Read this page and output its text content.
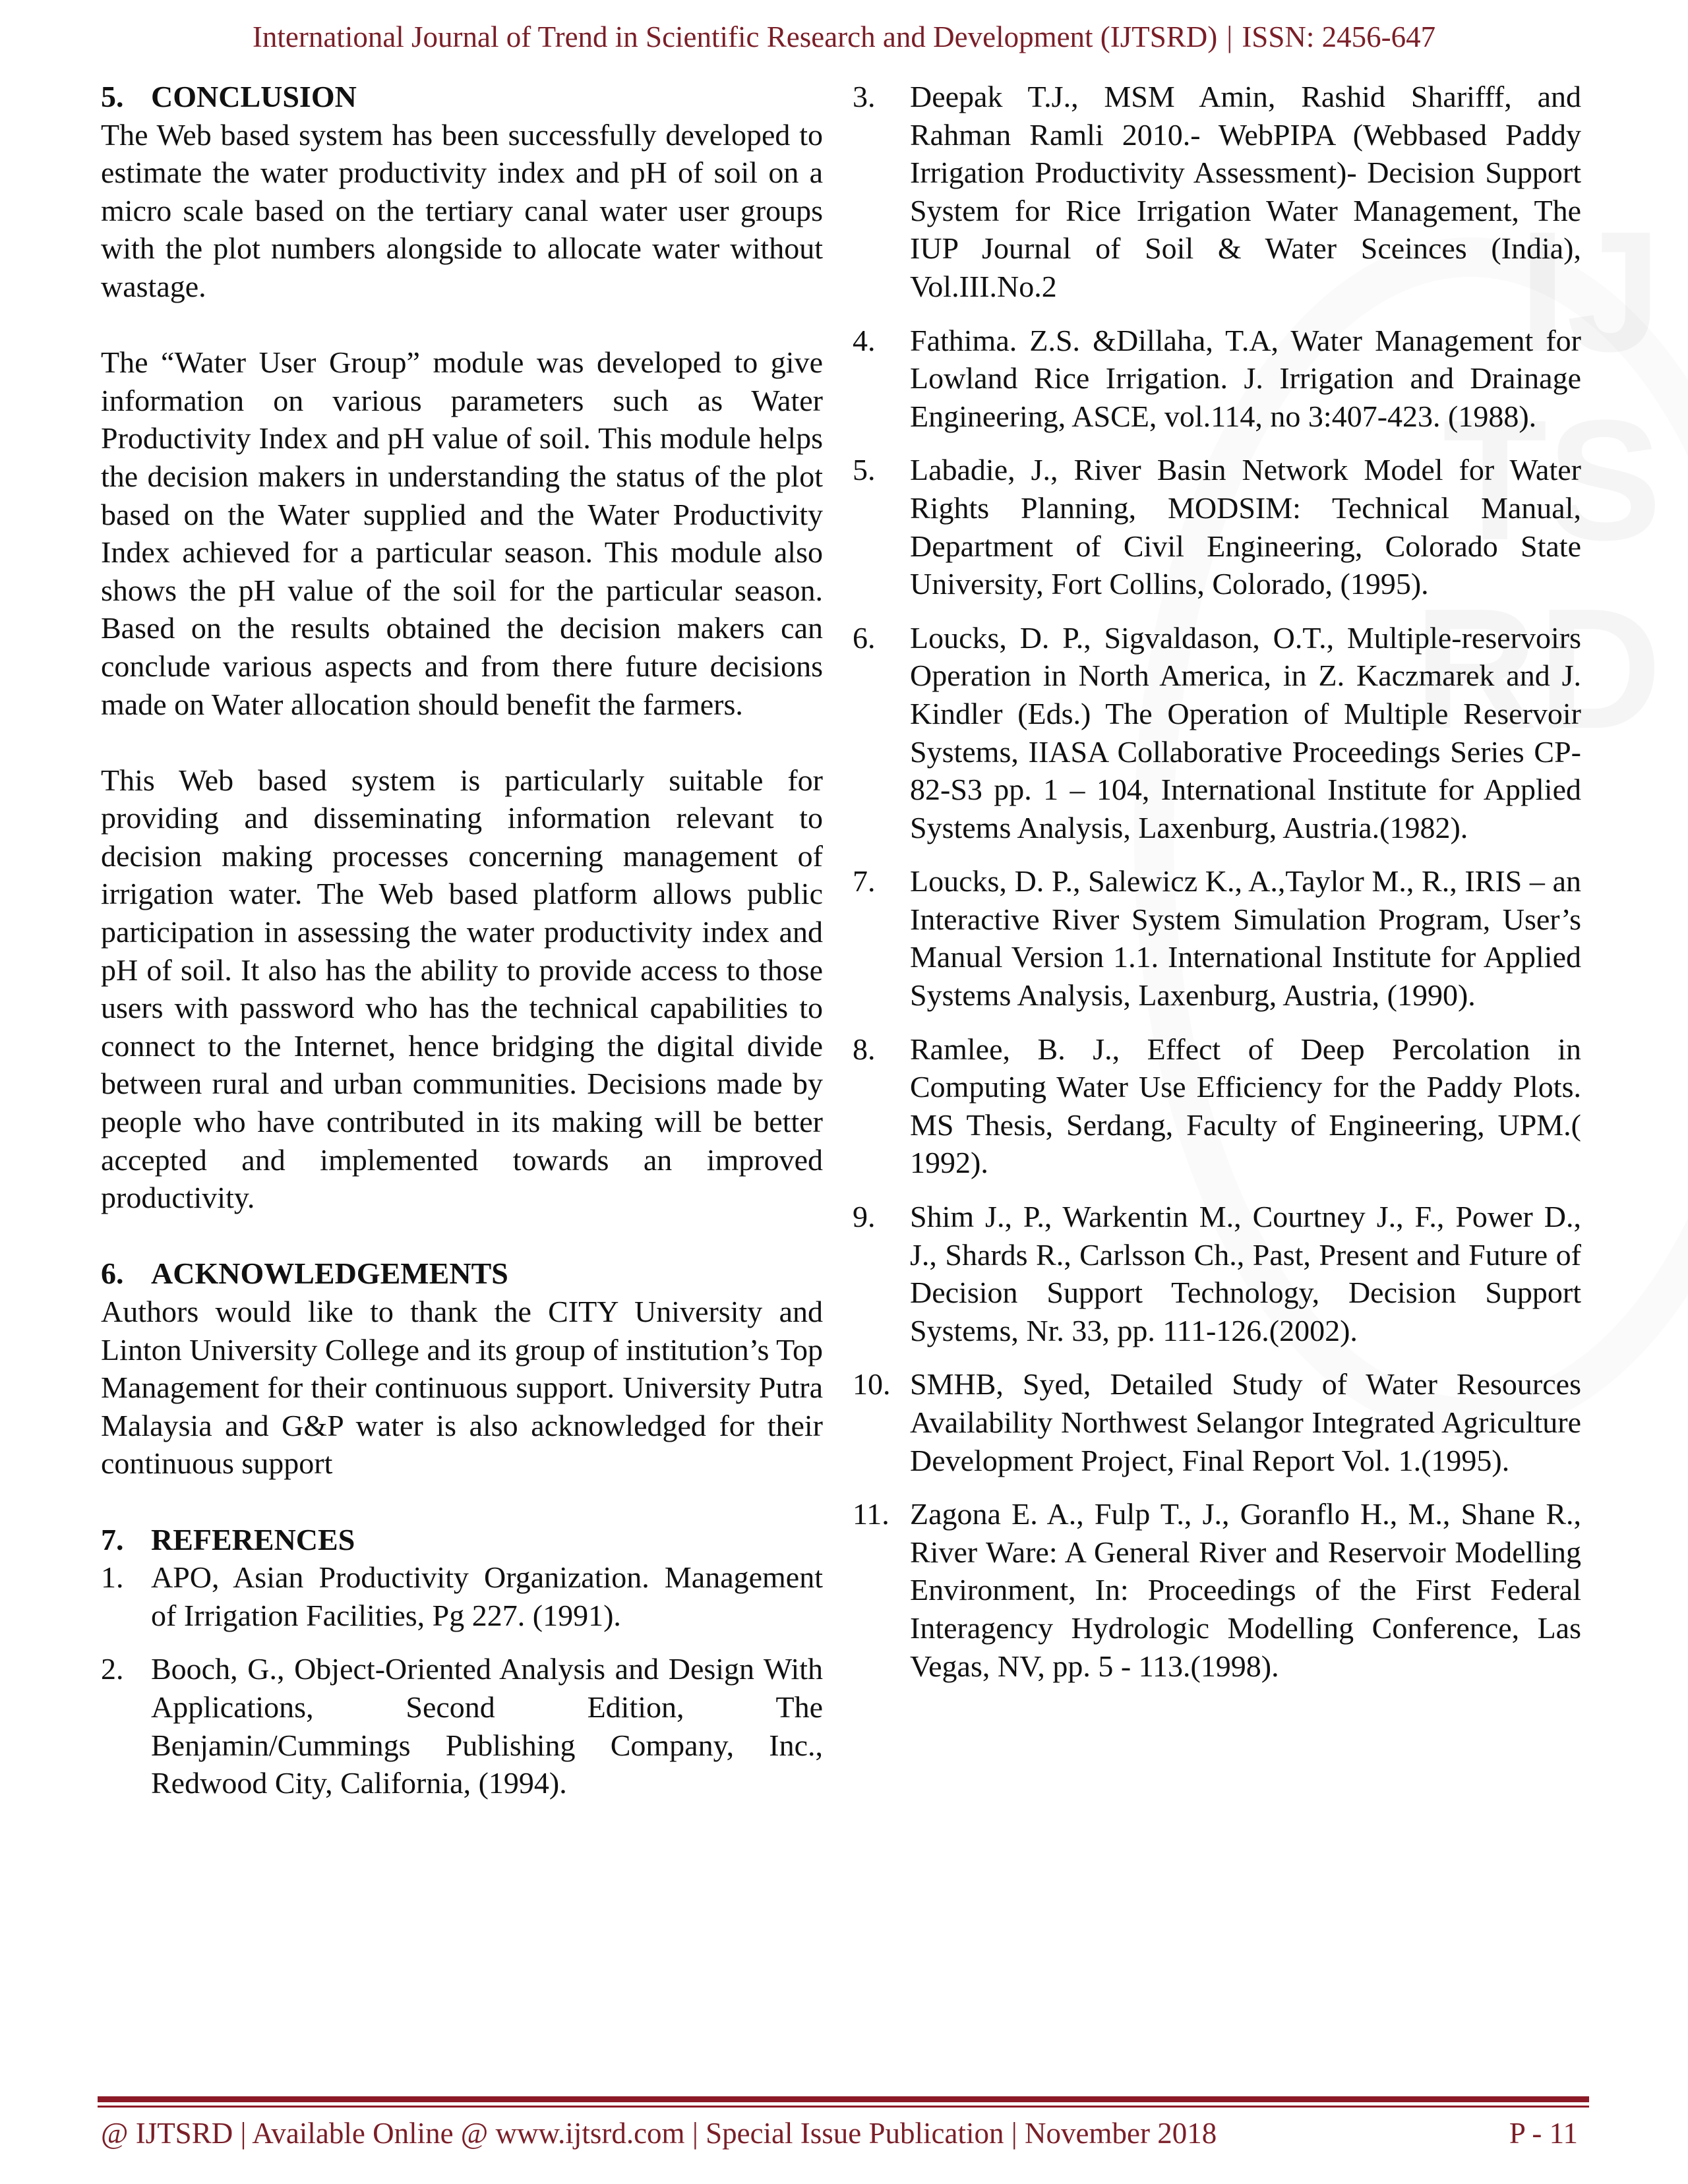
IJ
TS
RD
International Journal of Trend in Scientific Research and Development (IJTSRD) | ISSN: 2456-647
5. CONCLUSION

The Web based system has been successfully developed to estimate the water productivity index and pH of soil on a micro scale based on the tertiary canal water user groups with the plot numbers alongside to allocate water without wastage.

The “Water User Group” module was developed to give information on various parameters such as Water Productivity Index and pH value of soil. This module helps the decision makers in understanding the status of the plot based on the Water supplied and the Water Productivity Index achieved for a particular season. This module also shows the pH value of the soil for the particular season. Based on the results obtained the decision makers can conclude various aspects and from there future decisions made on Water allocation should benefit the farmers.

This Web based system is particularly suitable for providing and disseminating information relevant to decision making processes concerning management of irrigation water. The Web based platform allows public participation in assessing the water productivity index and pH of soil. It also has the ability to provide access to those users with password who has the technical capabilities to connect to the Internet, hence bridging the digital divide between rural and urban communities. Decisions made by people who have contributed in its making will be better accepted and implemented towards an improved productivity.

6. ACKNOWLEDGEMENTS

Authors would like to thank the CITY University and Linton University College and its group of institution’s Top Management for their continuous support. University Putra Malaysia and G&P water is also acknowledged for their continuous support

7. REFERENCES
1. APO, Asian Productivity Organization. Management of Irrigation Facilities, Pg 227. (1991).
2. Booch, G., Object-Oriented Analysis and Design With Applications, Second Edition, The Benjamin/Cummings Publishing Company, Inc., Redwood City, California, (1994).
3.	Deepak T.J., MSM Amin, Rashid Sharifff, and Rahman Ramli 2010.- WebPIPA (Webbased Paddy Irrigation Productivity Assessment)- Decision Support System for Rice Irrigation Water Management, The IUP Journal of Soil & Water Sceinces (India), Vol.III.No.2
4.	Fathima. Z.S. &Dillaha, T.A, Water Management for Lowland Rice Irrigation. J. Irrigation and Drainage Engineering, ASCE, vol.114, no 3:407-423. (1988).
5.	Labadie, J., River Basin Network Model for Water Rights Planning, MODSIM: Technical Manual, Department of Civil Engineering, Colorado State University, Fort Collins, Colorado, (1995).
6.	Loucks, D. P., Sigvaldason, O.T., Multiple-reservoirs Operation in North America, in Z. Kaczmarek and J. Kindler (Eds.) The Operation of Multiple Reservoir Systems, IIASA Collaborative Proceedings Series CP-82-S3 pp. 1 – 104, International Institute for Applied Systems Analysis, Laxenburg, Austria.(1982).
7.	Loucks, D. P., Salewicz K., A.,Taylor M., R., IRIS – an Interactive River System Simulation Program, User’s Manual Version 1.1. International Institute for Applied Systems Analysis, Laxenburg, Austria, (1990).
8.	Ramlee, B. J., Effect of Deep Percolation in Computing Water Use Efficiency for the Paddy Plots. MS Thesis, Serdang, Faculty of Engineering, UPM.( 1992).
9.	Shim J., P., Warkentin M., Courtney J., F., Power D., J., Shards R., Carlsson Ch., Past, Present and Future of Decision Support Technology, Decision Support Systems, Nr. 33, pp. 111-126.(2002).
10. SMHB, Syed, Detailed Study of Water Resources Availability Northwest Selangor Integrated Agriculture Development Project, Final Report Vol. 1.(1995).
11. Zagona E. A., Fulp T., J., Goranflo H., M., Shane R., River Ware: A General River and Reservoir Modelling Environment, In: Proceedings of the First Federal Interagency Hydrologic Modelling Conference, Las Vegas, NV, pp. 5 - 113.(1998).
@ IJTSRD | Available Online @ www.ijtsrd.com | Special Issue Publication | November 2018	P - 11
